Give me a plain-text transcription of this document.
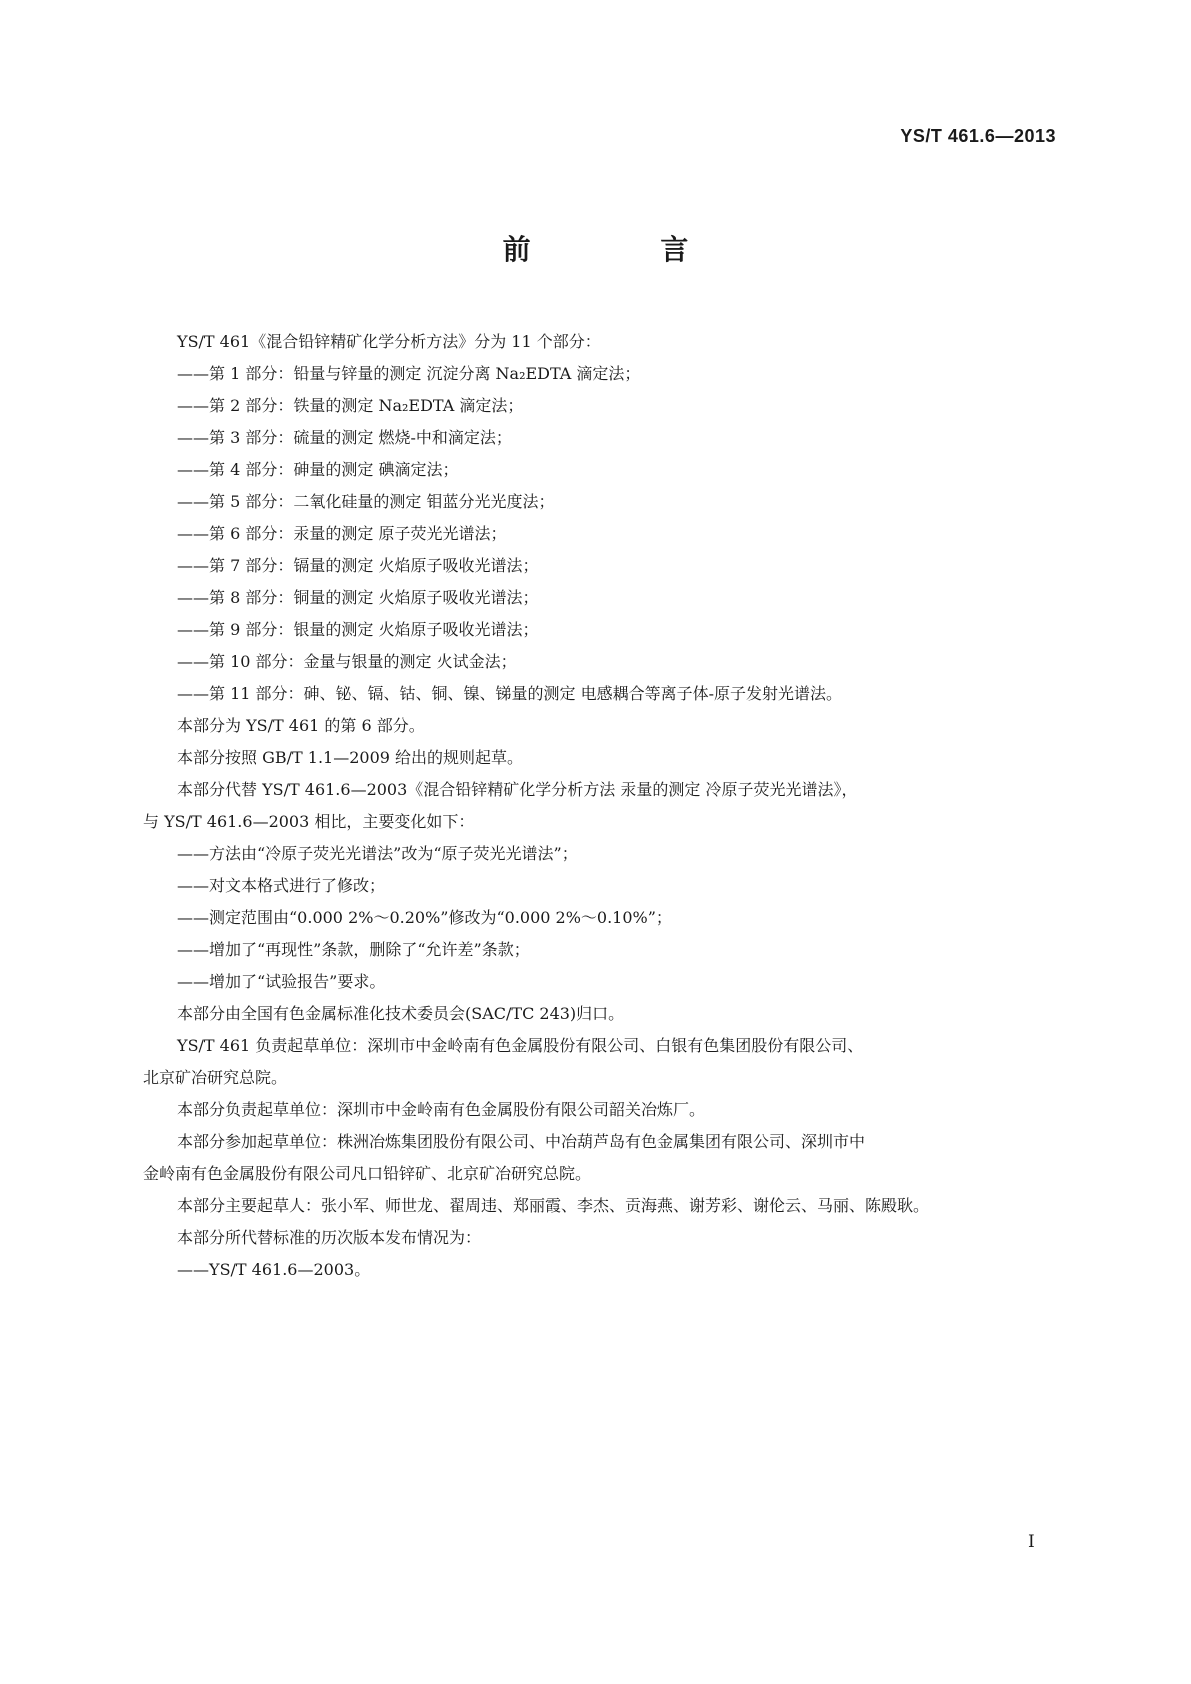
YS/T 461.6—2013
前 言
YS/T 461《混合铅锌精矿化学分析方法》分为 11 个部分：
——第 1 部分：铅量与锌量的测定 沉淀分离 Na₂EDTA 滴定法；
——第 2 部分：铁量的测定 Na₂EDTA 滴定法；
——第 3 部分：硫量的测定 燃烧-中和滴定法；
——第 4 部分：砷量的测定 碘滴定法；
——第 5 部分：二氧化硅量的测定 钼蓝分光光度法；
——第 6 部分：汞量的测定 原子荧光光谱法；
——第 7 部分：镉量的测定 火焰原子吸收光谱法；
——第 8 部分：铜量的测定 火焰原子吸收光谱法；
——第 9 部分：银量的测定 火焰原子吸收光谱法；
——第 10 部分：金量与银量的测定 火试金法；
——第 11 部分：砷、铋、镉、钴、铜、镍、锑量的测定 电感耦合等离子体-原子发射光谱法。
本部分为 YS/T 461 的第 6 部分。
本部分按照 GB/T 1.1—2009 给出的规则起草。
本部分代替 YS/T 461.6—2003《混合铅锌精矿化学分析方法 汞量的测定 冷原子荧光光谱法》，
与 YS/T 461.6—2003 相比，主要变化如下：
——方法由“冷原子荧光光谱法”改为“原子荧光光谱法”；
——对文本格式进行了修改；
——测定范围由“0.000 2%～0.20%”修改为“0.000 2%～0.10%”；
——增加了“再现性”条款，删除了“允许差”条款；
——增加了“试验报告”要求。
本部分由全国有色金属标准化技术委员会(SAC/TC 243)归口。
YS/T 461 负责起草单位：深圳市中金岭南有色金属股份有限公司、白银有色集团股份有限公司、
北京矿冶研究总院。
本部分负责起草单位：深圳市中金岭南有色金属股份有限公司韶关冶炼厂。
本部分参加起草单位：株洲冶炼集团股份有限公司、中冶葫芦岛有色金属集团有限公司、深圳市中
金岭南有色金属股份有限公司凡口铅锌矿、北京矿冶研究总院。
本部分主要起草人：张小军、师世龙、翟周违、郑丽霞、李杰、贡海燕、谢芳彩、谢伦云、马丽、陈殿耿。
本部分所代替标准的历次版本发布情况为：
——YS/T 461.6—2003。
I
